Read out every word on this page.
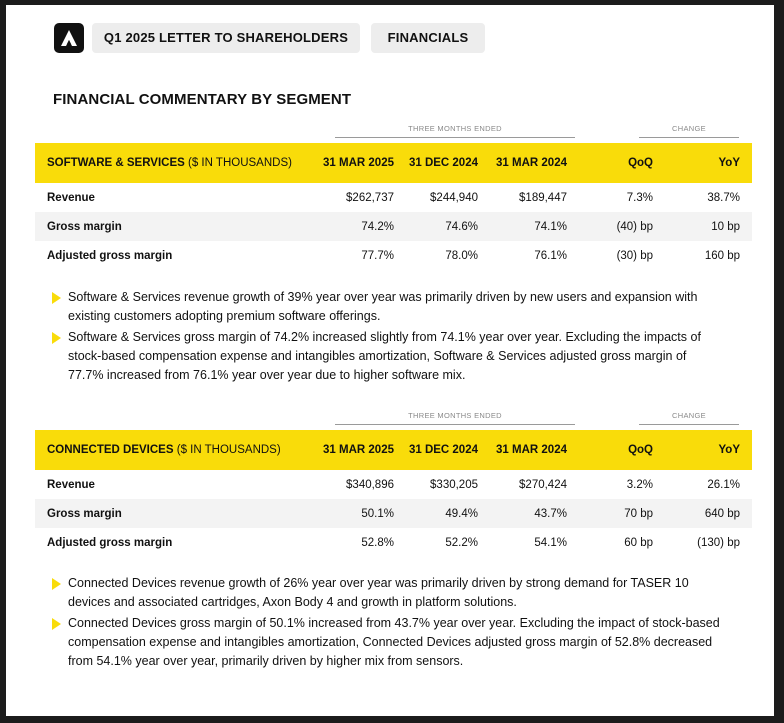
Q1 2025 LETTER TO SHAREHOLDERS	FINANCIALS
FINANCIAL COMMENTARY BY SEGMENT
THREE MONTHS ENDED	CHANGE
SOFTWARE & SERVICES ($ IN THOUSANDS)	31 MAR 2025	31 DEC 2024	31 MAR 2024	QoQ	YoY
Revenue	$262,737	$244,940	$189,447	7.3%	38.7%
Gross margin	74.2%	74.6%	74.1%	(40) bp	10 bp
Adjusted gross margin	77.7%	78.0%	76.1%	(30) bp	160 bp
Software & Services revenue growth of 39% year over year was primarily driven by new users and expansion with existing customers adopting premium software offerings.
Software & Services gross margin of 74.2% increased slightly from 74.1% year over year. Excluding the impacts of stock-based compensation expense and intangibles amortization, Software & Services adjusted gross margin of 77.7% increased from 76.1% year over year due to higher software mix.
THREE MONTHS ENDED	CHANGE
CONNECTED DEVICES ($ IN THOUSANDS)	31 MAR 2025	31 DEC 2024	31 MAR 2024	QoQ	YoY
Revenue	$340,896	$330,205	$270,424	3.2%	26.1%
Gross margin	50.1%	49.4%	43.7%	70 bp	640 bp
Adjusted gross margin	52.8%	52.2%	54.1%	60 bp	(130) bp
Connected Devices revenue growth of 26% year over year was primarily driven by strong demand for TASER 10 devices and associated cartridges, Axon Body 4 and growth in platform solutions.
Connected Devices gross margin of 50.1% increased from 43.7% year over year. Excluding the impact of stock-based compensation expense and intangibles amortization, Connected Devices adjusted gross margin of 52.8% decreased from 54.1% year over year, primarily driven by higher mix from sensors.
